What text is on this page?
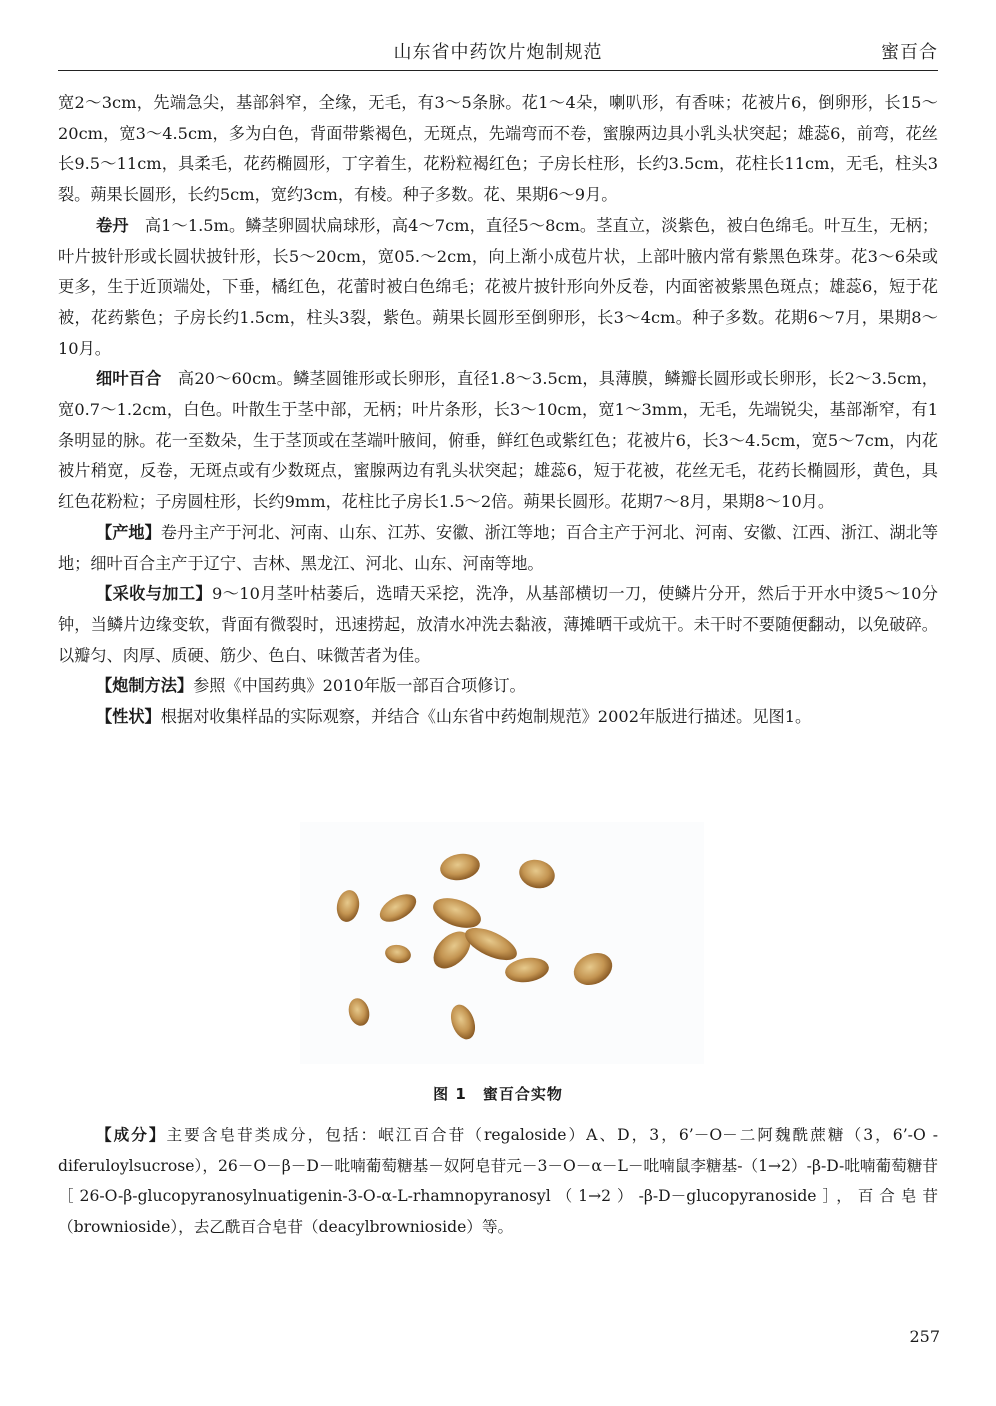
山东省中药饮片炮制规范	蜜百合

宽2～3cm，先端急尖，基部斜窄，全缘，无毛，有3～5条脉。花1～4朵，喇叭形，有香味；花被片6，倒卵形，长15～20cm，宽3～4.5cm，多为白色，背面带紫褐色，无斑点，先端弯而不卷，蜜腺两边具小乳头状突起；雄蕊6，前弯，花丝长9.5～11cm，具柔毛，花药椭圆形，丁字着生，花粉粒褐红色；子房长柱形，长约3.5cm，花柱长11cm，无毛，柱头3裂。蒴果长圆形，长约5cm，宽约3cm，有棱。种子多数。花、果期6～9月。

卷丹　高1～1.5m。鳞茎卵圆状扁球形，高4～7cm，直径5～8cm。茎直立，淡紫色，被白色绵毛。叶互生，无柄；叶片披针形或长圆状披针形，长5～20cm，宽05.～2cm，向上渐小成苞片状，上部叶腋内常有紫黑色珠芽。花3～6朵或更多，生于近顶端处，下垂，橘红色，花蕾时被白色绵毛；花被片披针形向外反卷，内面密被紫黑色斑点；雄蕊6，短于花被，花药紫色；子房长约1.5cm，柱头3裂，紫色。蒴果长圆形至倒卵形，长3～4cm。种子多数。花期6～7月，果期8～10月。

细叶百合　高20～60cm。鳞茎圆锥形或长卵形，直径1.8～3.5cm，具薄膜，鳞瓣长圆形或长卵形，长2～3.5cm，宽0.7～1.2cm，白色。叶散生于茎中部，无柄；叶片条形，长3～10cm，宽1～3mm，无毛，先端锐尖，基部渐窄，有1条明显的脉。花一至数朵，生于茎顶或在茎端叶腋间，俯垂，鲜红色或紫红色；花被片6，长3～4.5cm，宽5～7cm，内花被片稍宽，反卷，无斑点或有少数斑点，蜜腺两边有乳头状突起；雄蕊6，短于花被，花丝无毛，花药长椭圆形，黄色，具红色花粉粒；子房圆柱形，长约9mm，花柱比子房长1.5～2倍。蒴果长圆形。花期7～8月，果期8～10月。

【产地】卷丹主产于河北、河南、山东、江苏、安徽、浙江等地；百合主产于河北、河南、安徽、江西、浙江、湖北等地；细叶百合主产于辽宁、吉林、黑龙江、河北、山东、河南等地。

【采收与加工】9～10月茎叶枯萎后，选晴天采挖，洗净，从基部横切一刀，使鳞片分开，然后于开水中烫5～10分钟，当鳞片边缘变软，背面有微裂时，迅速捞起，放清水冲洗去黏液，薄摊晒干或炕干。未干时不要随便翻动，以免破碎。以瓣匀、肉厚、质硬、筋少、色白、味微苦者为佳。

【炮制方法】参照《中国药典》2010年版一部百合项修订。

【性状】根据对收集样品的实际观察，并结合《山东省中药炮制规范》2002年版进行描述。见图1。

图 1　蜜百合实物

【成分】主要含皂苷类成分，包括：岷江百合苷（regaloside）A、D，3，6’－O－二阿魏酰蔗糖（3，6’-O -diferuloylsucrose），26－O－β－D－吡喃葡萄糖基－奴阿皂苷元－3－O－α－L－吡喃鼠李糖基-（1→2）-β-D-吡喃葡萄糖苷［26-O-β-glucopyranosylnuatigenin-3-O-α-L-rhamnopyranosyl（1→2）-β-D－glucopyranoside］，百合皂苷（brownioside），去乙酰百合皂苷（deacylbrownioside）等。

257
